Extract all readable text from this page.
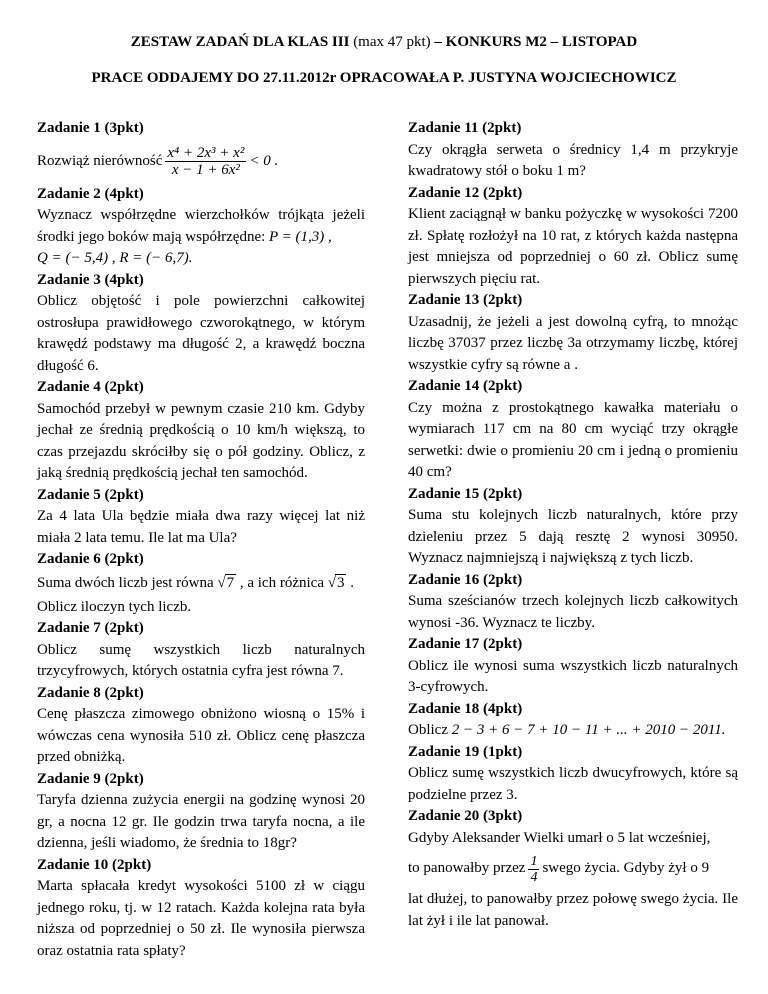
ZESTAW ZADAŃ DLA KLAS III (max 47 pkt) – KONKURS M2 – LISTOPAD
PRACE ODDAJEMY DO 27.11.2012r OPRACOWAŁA P. JUSTYNA WOJCIECHOWICZ
Zadanie 1 (3pkt)
Rozwiąż nierówność $\frac{\text{x⁴ + 2x³ + x²}}{\text{x − 1 + 6x²}} < 0$ .
Zadanie 2 (4pkt)
Wyznacz współrzędne wierzchołków trójkąta jeżeli środki jego boków mają współrzędne: P = (1,3) ,
Q = (− 5,4) , R = (− 6,7).
Zadanie 3 (4pkt)
Oblicz objętość i pole powierzchni całkowitej ostrosłupa prawidłowego czworokątnego, w którym krawędź podstawy ma długość 2, a krawędź boczna długość 6.
Zadanie 4 (2pkt)
Samochód przebył w pewnym czasie 210 km. Gdyby jechał ze średnią prędkością o 10 km/h większą, to czas przejazdu skróciłby się o pół godziny. Oblicz, z jaką średnią prędkością jechał ten samochód.
Zadanie 5 (2pkt)
Za 4 lata Ula będzie miała dwa razy więcej lat niż miała 2 lata temu. Ile lat ma Ula?
Zadanie 6 (2pkt)
Suma dwóch liczb jest równa
√7
, a ich różnica
√3
.
Oblicz iloczyn tych liczb.
Zadanie 7 (2pkt)
Oblicz sumę wszystkich liczb naturalnych trzycyfrowych, których ostatnia cyfra jest równa 7.
Zadanie 8 (2pkt)
Cenę płaszcza zimowego obniżono wiosną o 15% i wówczas cena wynosiła 510 zł. Oblicz cenę płaszcza przed obniżką.
Zadanie 9 (2pkt)
Taryfa dzienna zużycia energii na godzinę wynosi 20 gr, a nocna 12 gr. Ile godzin trwa taryfa nocna, a ile dzienna, jeśli wiadomo, że średnia to 18gr?
Zadanie 10 (2pkt)
Marta spłacała kredyt wysokości 5100 zł w ciągu jednego roku, tj. w 12 ratach. Każda kolejna rata była niższa od poprzedniej o 50 zł. Ile wynosiła pierwsza oraz ostatnia rata spłaty?
Zadanie 11 (2pkt)
Czy okrągła serweta o średnicy 1,4 m przykryje kwadratowy stół o boku 1 m?
Zadanie 12 (2pkt)
Klient zaciągnął w banku pożyczkę w wysokości 7200 zł. Spłatę rozłożył na 10 rat, z których każda następna jest mniejsza od poprzedniej o 60 zł. Oblicz sumę pierwszych pięciu rat.
Zadanie 13 (2pkt)
Uzasadnij, że jeżeli a jest dowolną cyfrą, to mnożąc liczbę 37037 przez liczbę 3a otrzymamy liczbę, której wszystkie cyfry są równe a .
Zadanie 14 (2pkt)
Czy można z prostokątnego kawałka materiału o wymiarach 117 cm na 80 cm wyciąć trzy okrągłe serwetki: dwie o promieniu 20 cm i jedną o promieniu 40 cm?
Zadanie 15 (2pkt)
Suma stu kolejnych liczb naturalnych, które przy dzieleniu przez 5 dają resztę 2 wynosi 30950. Wyznacz najmniejszą i największą z tych liczb.
Zadanie 16 (2pkt)
Suma sześcianów trzech kolejnych liczb całkowitych wynosi -36. Wyznacz te liczby.
Zadanie 17 (2pkt)
Oblicz ile wynosi suma wszystkich liczb naturalnych 3-cyfrowych.
Zadanie 18 (4pkt)
Oblicz 2 − 3 + 6 − 7 + 10 − 11 + ... + 2010 − 2011.
Zadanie 19 (1pkt)
Oblicz sumę wszystkich liczb dwucyfrowych, które są podzielne przez 3.
Zadanie 20 (3pkt)
Gdyby Aleksander Wielki umarł o 5 lat wcześniej,
to panowałby przez $\frac{1}{4}$ swego życia. Gdyby żył o 9
lat dłużej, to panowałby przez połowę swego życia. Ile lat żył i ile lat panował.
